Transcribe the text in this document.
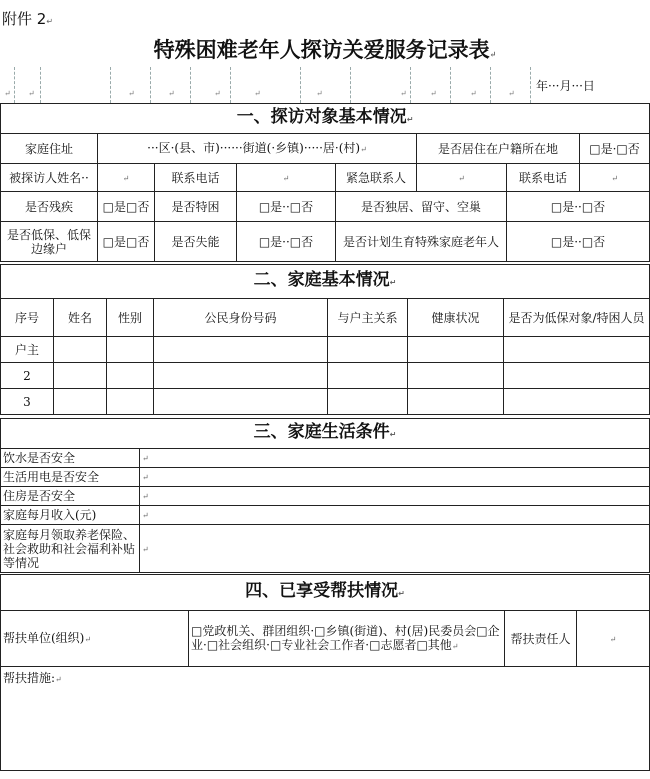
附件 2↵
特殊困难老年人探访关爱服务记录表↵
↵ ↵	↵	↵	↵	↵	↵	↵	↵	↵	↵
年···月···日
一、探访对象基本情况↵							
家庭住址	···区·(县、市)······街道(·乡镇)·····居·(村)↵				是否居住在户籍所在地		□是·□否
被探访人姓名··	↵	联系电话	↵	紧急联系人	↵	联系电话	↵
是否残疾	□是□否	是否特困	□是··□否	是否独居、留守、空巢		□是··□否	
是否低保、低保边缘户	□是□否	是否失能	□是··□否	是否计划生育特殊家庭老年人		□是··□否	
二、家庭基本情况↵						
序号	姓名	性别	公民身份号码	与户主关系	健康状况	是否为低保对象/特困人员
户主						
2						
3						
三、家庭生活条件↵	
饮水是否安全	↵
生活用电是否安全	↵
住房是否安全	↵
家庭每月收入(元)	↵
家庭每月领取养老保险、社会救助和社会福利补贴等情况	↵
四、已享受帮扶情况↵
帮扶单位(组织)↵	□党政机关、群团组织·□乡镇(街道)、村(居)民委员会□企业·□社会组织·□专业社会工作者·□志愿者□其他↵	帮扶责任人	↵
帮扶措施:↵
